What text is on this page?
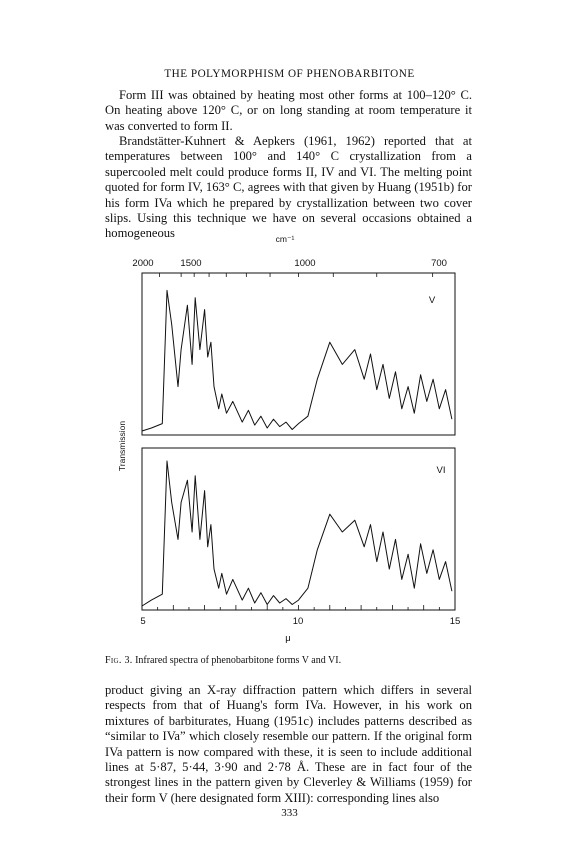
THE POLYMORPHISM OF PHENOBARBITONE

Form III was obtained by heating most other forms at 100–120° C. On heating above 120° C, or on long standing at room temperature it was converted to form II.

Brandstätter-Kuhnert & Aepkers (1961, 1962) reported that at temperatures between 100° and 140° C crystallization from a supercooled melt could produce forms II, IV and VI. The melting point quoted for form IV, 163° C, agrees with that given by Huang (1951b) for his form IVa which he prepared by crystallization between two cover slips. Using this technique we have on several occasions obtained a homogeneous	cm⁻¹
2000	1500	1000	700
V
VI
Transmission
5	10	15
μ
Fig. 3. Infrared spectra of phenobarbitone forms V and VI.

product giving an X-ray diffraction pattern which differs in several respects from that of Huang's form IVa. However, in his work on mixtures of barbiturates, Huang (1951c) includes patterns described as “similar to IVa” which closely resemble our pattern. If the original form IVa pattern is now compared with these, it is seen to include additional lines at 5·87, 5·44, 3·90 and 2·78 Å. These are in fact four of the strongest lines in the pattern given by Cleverley & Williams (1959) for their form V (here designated form XIII): corresponding lines also

333
